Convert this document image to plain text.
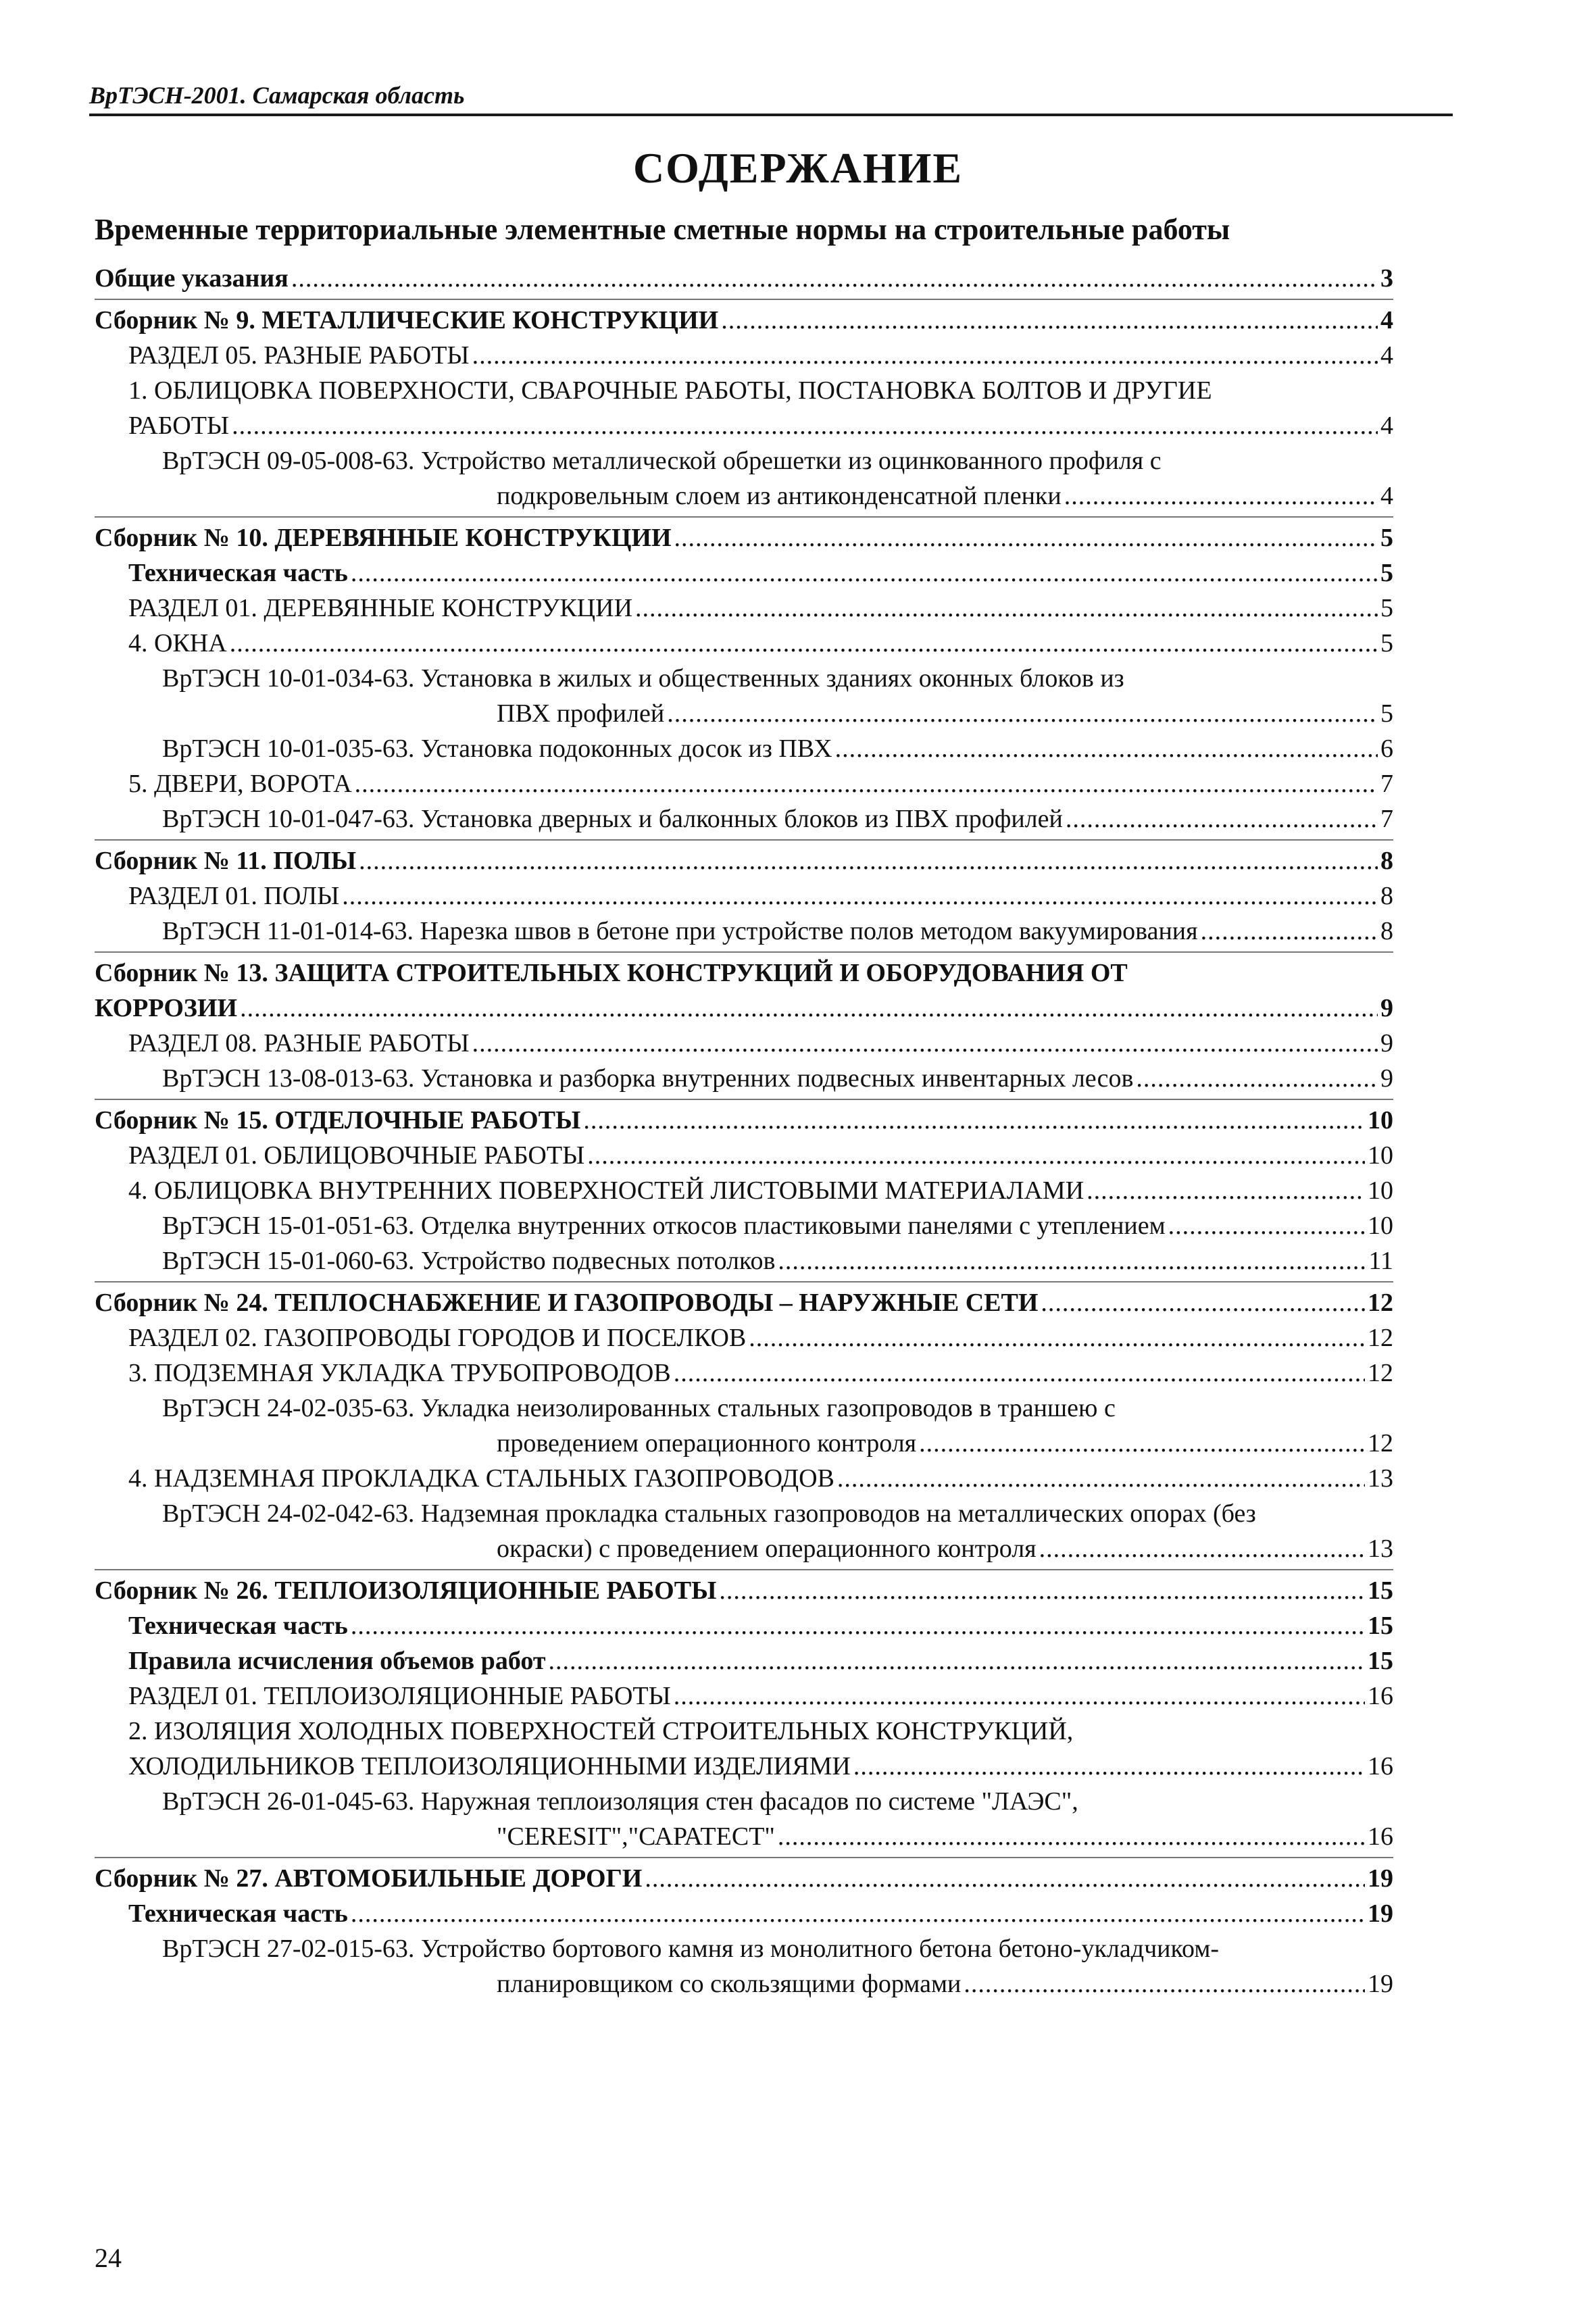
ВрТЭСН-2001. Самарская область
СОДЕРЖАНИЕ
Временные территориальные элементные сметные нормы на строительные работы
Общие указания .....	3
Сборник № 9. МЕТАЛЛИЧЕСКИЕ КОНСТРУКЦИИ .....	4
РАЗДЕЛ 05. РАЗНЫЕ РАБОТЫ .....	4
1. ОБЛИЦОВКА ПОВЕРХНОСТИ, СВАРОЧНЫЕ РАБОТЫ, ПОСТАНОВКА БОЛТОВ И ДРУГИЕ
РАБОТЫ .....	4
ВрТЭСН 09-05-008-63. Устройство металлической обрешетки из оцинкованного профиля с
подкровельным слоем из антиконденсатной пленки .....	4
Сборник № 10. ДЕРЕВЯННЫЕ КОНСТРУКЦИИ .....	5
Техническая часть .....	5
РАЗДЕЛ 01. ДЕРЕВЯННЫЕ КОНСТРУКЦИИ .....	5
4. ОКНА .....	5
ВрТЭСН 10-01-034-63. Установка в жилых и общественных зданиях оконных блоков из
ПВХ профилей .....	5
ВрТЭСН 10-01-035-63. Установка подоконных досок из ПВХ .....	6
5. ДВЕРИ, ВОРОТА .....	7
ВрТЭСН 10-01-047-63. Установка дверных и балконных блоков из ПВХ профилей .....	7
Сборник № 11. ПОЛЫ .....	8
РАЗДЕЛ 01. ПОЛЫ .....	8
ВрТЭСН 11-01-014-63. Нарезка швов в бетоне при устройстве полов методом вакуумирования .....	8
Сборник № 13. ЗАЩИТА СТРОИТЕЛЬНЫХ КОНСТРУКЦИЙ И ОБОРУДОВАНИЯ ОТ
КОРРОЗИИ .....	9
РАЗДЕЛ 08. РАЗНЫЕ РАБОТЫ .....	9
ВрТЭСН 13-08-013-63. Установка и разборка внутренних подвесных инвентарных лесов .....	9
Сборник № 15. ОТДЕЛОЧНЫЕ РАБОТЫ .....	10
РАЗДЕЛ 01. ОБЛИЦОВОЧНЫЕ РАБОТЫ .....	10
4. ОБЛИЦОВКА ВНУТРЕННИХ ПОВЕРХНОСТЕЙ ЛИСТОВЫМИ МАТЕРИАЛАМИ .....	10
ВрТЭСН 15-01-051-63. Отделка внутренних откосов пластиковыми панелями с утеплением .....	10
ВрТЭСН 15-01-060-63. Устройство подвесных потолков .....	11
Сборник № 24. ТЕПЛОСНАБЖЕНИЕ И ГАЗОПРОВОДЫ – НАРУЖНЫЕ СЕТИ .....	12
РАЗДЕЛ 02. ГАЗОПРОВОДЫ ГОРОДОВ И ПОСЕЛКОВ .....	12
3. ПОДЗЕМНАЯ УКЛАДКА ТРУБОПРОВОДОВ .....	12
ВрТЭСН 24-02-035-63. Укладка неизолированных стальных газопроводов в траншею с
проведением операционного контроля .....	12
4. НАДЗЕМНАЯ ПРОКЛАДКА СТАЛЬНЫХ ГАЗОПРОВОДОВ .....	13
ВрТЭСН 24-02-042-63. Надземная прокладка стальных газопроводов на металлических опорах (без
окраски) с проведением операционного контроля .....	13
Сборник № 26. ТЕПЛОИЗОЛЯЦИОННЫЕ РАБОТЫ .....	15
Техническая часть .....	15
Правила исчисления объемов работ .....	15
РАЗДЕЛ 01. ТЕПЛОИЗОЛЯЦИОННЫЕ РАБОТЫ .....	16
2. ИЗОЛЯЦИЯ ХОЛОДНЫХ ПОВЕРХНОСТЕЙ СТРОИТЕЛЬНЫХ КОНСТРУКЦИЙ,
ХОЛОДИЛЬНИКОВ ТЕПЛОИЗОЛЯЦИОННЫМИ ИЗДЕЛИЯМИ .....	16
ВрТЭСН 26-01-045-63. Наружная теплоизоляция стен фасадов по системе "ЛАЭС",
"CERESIT","САРАТЕСТ" .....	16
Сборник № 27. АВТОМОБИЛЬНЫЕ ДОРОГИ .....	19
Техническая часть .....	19
ВрТЭСН 27-02-015-63. Устройство бортового камня из монолитного бетона бетоно-укладчиком-
планировщиком со скользящими формами .....	19
24
